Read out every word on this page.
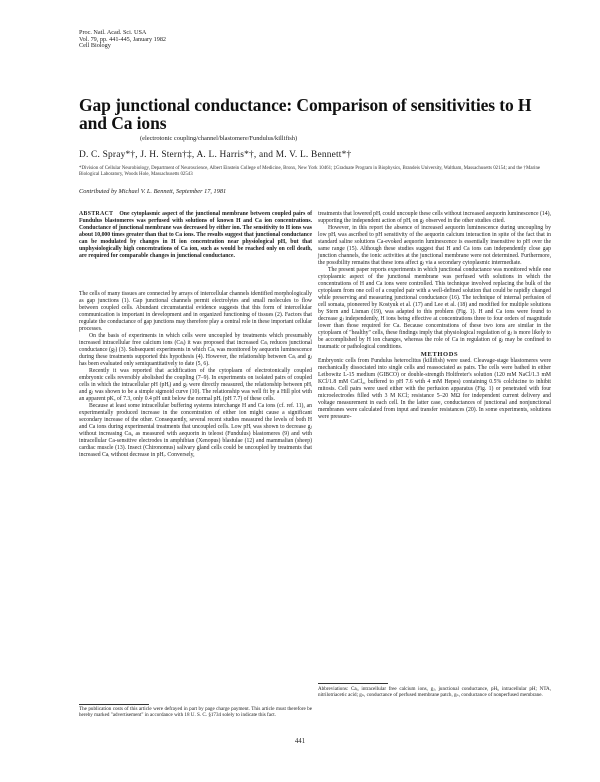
Proc. Natl. Acad. Sci. USA
Vol. 79, pp. 441-445, January 1982
Cell Biology
Gap junctional conductance: Comparison of sensitivities to H and Ca ions
(electrotonic coupling/channel/blastomere/Fundulus/killifish)
D. C. Spray*†, J. H. Stern†‡, A. L. Harris*†, and M. V. L. Bennett*†
*Division of Cellular Neurobiology, Department of Neuroscience, Albert Einstein College of Medicine, Bronx, New York 10461; ‡Graduate Program in Biophysics, Brandeis University, Waltham, Massachusetts 02154; and the †Marine Biological Laboratory, Woods Hole, Massachusetts 02543
Contributed by Michael V. L. Bennett, September 17, 1981

ABSTRACT One cytoplasmic aspect of the junctional membrane between coupled pairs of Fundulus blastomeres was perfused with solutions of known H and Ca ion concentrations. Conductance of junctional membrane was decreased by either ion. The sensitivity to H ions was about 10,000 times greater than that to Ca ions. The results suggest that junctional conductance can be modulated by changes in H ion concentration near physiological pH, but that unphysiologically high concentrations of Ca ion, such as would be reached only on cell death, are required for comparable changes in junctional conductance.

The cells of many tissues are connected by arrays of intercellular channels identified morphologically as gap junctions (1). Gap junctional channels permit electrolytes and small molecules to flow between coupled cells. Abundant circumstantial evidence suggests that this form of intercellular communication is important in development and in organized functioning of tissues (2). Factors that regulate the conductance of gap junctions may therefore play a central role in these important cellular processes.

On the basis of experiments in which cells were uncoupled by treatments which presumably increased intracellular free calcium ions (Caᵢ) it was proposed that increased Caᵢ reduces junctional conductance (gⱼ) (3). Subsequent experiments in which Caᵢ was monitored by aequorin luminescence during these treatments supported this hypothesis (4). However, the relationship between Caᵢ and gⱼ has been evaluated only semiquantitatively to date (5, 6).

Recently it was reported that acidification of the cytoplasm of electrotonically coupled embryonic cells reversibly abolished the coupling (7–9). In experiments on isolated pairs of coupled cells in which the intracellular pH (pHᵢ) and gⱼ were directly measured, the relationship between pHᵢ and gⱼ was shown to be a simple sigmoid curve (10). The relationship was well fit by a Hill plot with an apparent pKₐ of 7.3, only 0.4 pH unit below the normal pHᵢ (pH 7.7) of these cells.

Because at least some intracellular buffering systems interchange H and Ca ions (cf. ref. 11), an experimentally produced increase in the concentration of either ion might cause a significant secondary increase of the other. Consequently, several recent studies measured the levels of both H and Ca ions during experimental treatments that uncoupled cells. Low pHᵢ was shown to decrease gⱼ without increasing Caᵢ, as measured with aequorin in teleost (Fundulus) blastomeres (9) and with intracellular Ca-sensitive electrodes in amphibian (Xenopus) blastulae (12) and mammalian (sheep) cardiac muscle (13). Insect (Chironomus) salivary gland cells could be uncoupled by treatments that increased Caᵢ without decrease in pHᵢ. Conversely,

treatments that lowered pHᵢ could uncouple these cells without increased aequorin luminescence (14), supporting the independent action of pHᵢ on gⱼ observed in the other studies cited.

However, in this report the absence of increased aequorin luminescence during uncoupling by low pHᵢ was ascribed to pH sensitivity of the aequorin calcium interaction in spite of the fact that in standard saline solutions Ca-evoked aequorin luminescence is essentially insensitive to pH over the same range (15). Although these studies suggest that H and Ca ions can independently close gap junction channels, the ionic activities at the junctional membrane were not determined. Furthermore, the possibility remains that these ions affect gⱼ via a secondary cytoplasmic intermediate.

The present paper reports experiments in which junctional conductance was monitored while one cytoplasmic aspect of the junctional membrane was perfused with solutions in which the concentrations of H and Ca ions were controlled. This technique involved replacing the bulk of the cytoplasm from one cell of a coupled pair with a well-defined solution that could be rapidly changed while preserving and measuring junctional conductance (16). The technique of internal perfusion of cell somata, pioneered by Kostyuk et al. (17) and Lee et al. (18) and modified for multiple solutions by Stern and Lisman (19), was adapted to this problem (Fig. 1). H and Ca ions were found to decrease gⱼ independently, H ions being effective at concentrations three to four orders of magnitude lower than those required for Ca. Because concentrations of these two ions are similar in the cytoplasm of "healthy" cells, these findings imply that physiological regulation of gⱼ is more likely to be accomplished by H ion changes, whereas the role of Ca in regulation of gⱼ may be confined to traumatic or pathological conditions.

METHODS

Embryonic cells from Fundulus heteroclitus (killifish) were used. Cleavage-stage blastomeres were mechanically dissociated into single cells and reassociated as pairs. The cells were bathed in either Leibowitz L-15 medium (GIBCO) or double-strength Holtfreter's solution (120 mM NaCl/1.3 mM KCl/1.8 mM CaCl₂, buffered to pH 7.6 with 4 mM Hepes) containing 0.5% colchicine to inhibit mitosis. Cell pairs were used either with the perfusion apparatus (Fig. 1) or penetrated with four microelectrodes filled with 3 M KCl; resistance 5–20 MΩ for independent current delivery and voltage measurement in each cell. In the latter case, conductances of junctional and nonjunctional membranes were calculated from input and transfer resistances (20). In some experiments, solutions were pressure-

The publication costs of this article were defrayed in part by page charge payment. This article must therefore be hereby marked "advertisement" in accordance with 18 U. S. C. §1734 solely to indicate this fact.
Abbreviations: Caᵢ, intracellular free calcium ions, gⱼ, junctional conductance, pHᵢ, intracellular pH; NTA, nitrilotriacetic acid; gₙ, conductance of perfused membrane patch, gₙ, conductance of nonperfused membrane.
441
